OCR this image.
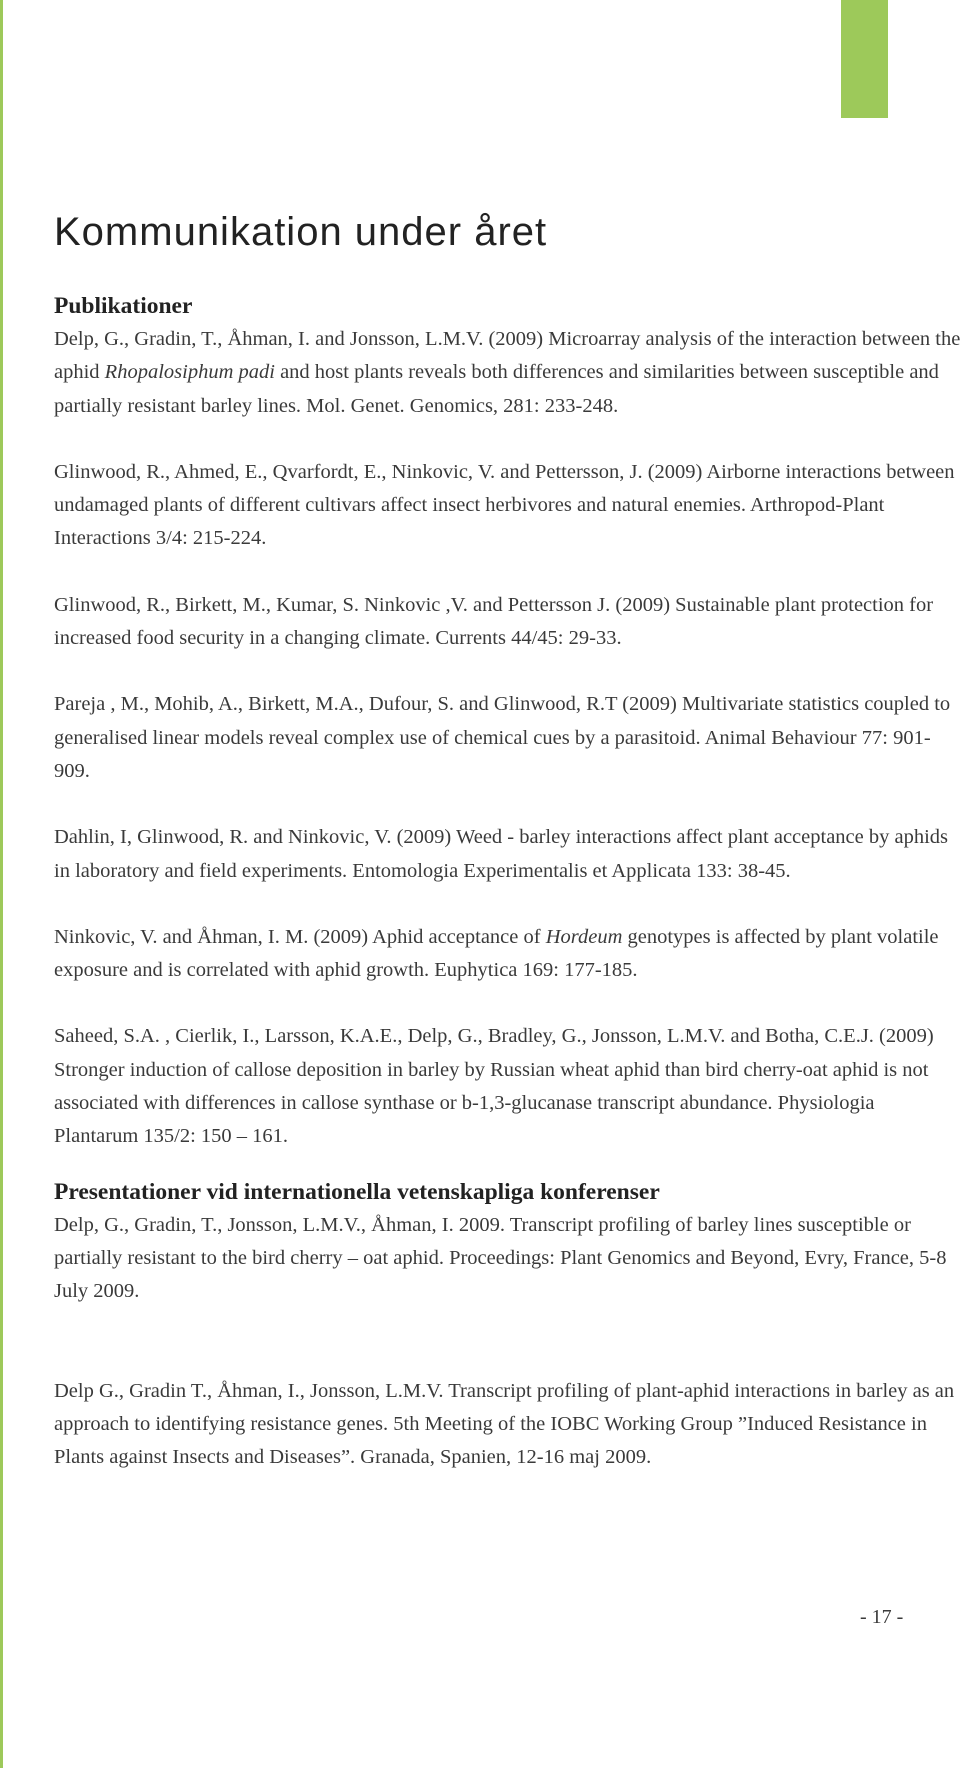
Kommunikation under året
Publikationer

Delp, G., Gradin, T., Åhman, I. and Jonsson, L.M.V. (2009) Microarray analysis of the interaction between the aphid Rhopalosiphum padi and host plants reveals both differences and similarities between susceptible and partially resistant barley lines. Mol. Genet. Genomics, 281: 233-248.

Glinwood, R., Ahmed, E., Qvarfordt, E., Ninkovic, V. and Pettersson, J. (2009) Airborne interactions between undamaged plants of different cultivars affect insect herbivores and natural enemies. Arthropod-Plant Interactions 3/4: 215-224.

Glinwood, R., Birkett, M., Kumar, S. Ninkovic ,V. and Pettersson J. (2009) Sustainable plant protection for increased food security in a changing climate. Currents 44/45: 29-33.

Pareja , M., Mohib, A., Birkett, M.A., Dufour, S. and Glinwood, R.T (2009) Multivariate statistics coupled to generalised linear models reveal complex use of chemical cues by a parasitoid. Animal Behaviour 77: 901-909.

Dahlin, I, Glinwood, R. and Ninkovic, V. (2009) Weed - barley interactions affect plant acceptance by aphids in laboratory and field experiments. Entomologia Experimentalis et Applicata 133: 38-45.

Ninkovic, V. and Åhman, I. M. (2009) Aphid acceptance of Hordeum genotypes is affected by plant volatile exposure and is correlated with aphid growth. Euphytica 169: 177-185.

Saheed, S.A. , Cierlik, I., Larsson, K.A.E., Delp, G., Bradley, G., Jonsson, L.M.V. and Botha, C.E.J. (2009) Stronger induction of callose deposition in barley by Russian wheat aphid than bird cherry-oat aphid is not associated with differences in callose synthase or b-1,3-glucanase transcript abundance. Physiologia Plantarum 135/2: 150 – 161.

Presentationer vid internationella vetenskapliga konferenser

Delp, G., Gradin, T., Jonsson, L.M.V., Åhman, I. 2009. Transcript profiling of barley lines susceptible or partially resistant to the bird cherry – oat aphid. Proceedings: Plant Genomics and Beyond, Evry, France, 5-8 July 2009.

Delp G., Gradin T., Åhman, I., Jonsson, L.M.V. Transcript profiling of plant-aphid interactions in barley as an approach to identifying resistance genes. 5th Meeting of the IOBC Working Group ”Induced Resistance in Plants against Insects and Diseases”. Granada, Spanien, 12-16 maj 2009.

- 17 -
